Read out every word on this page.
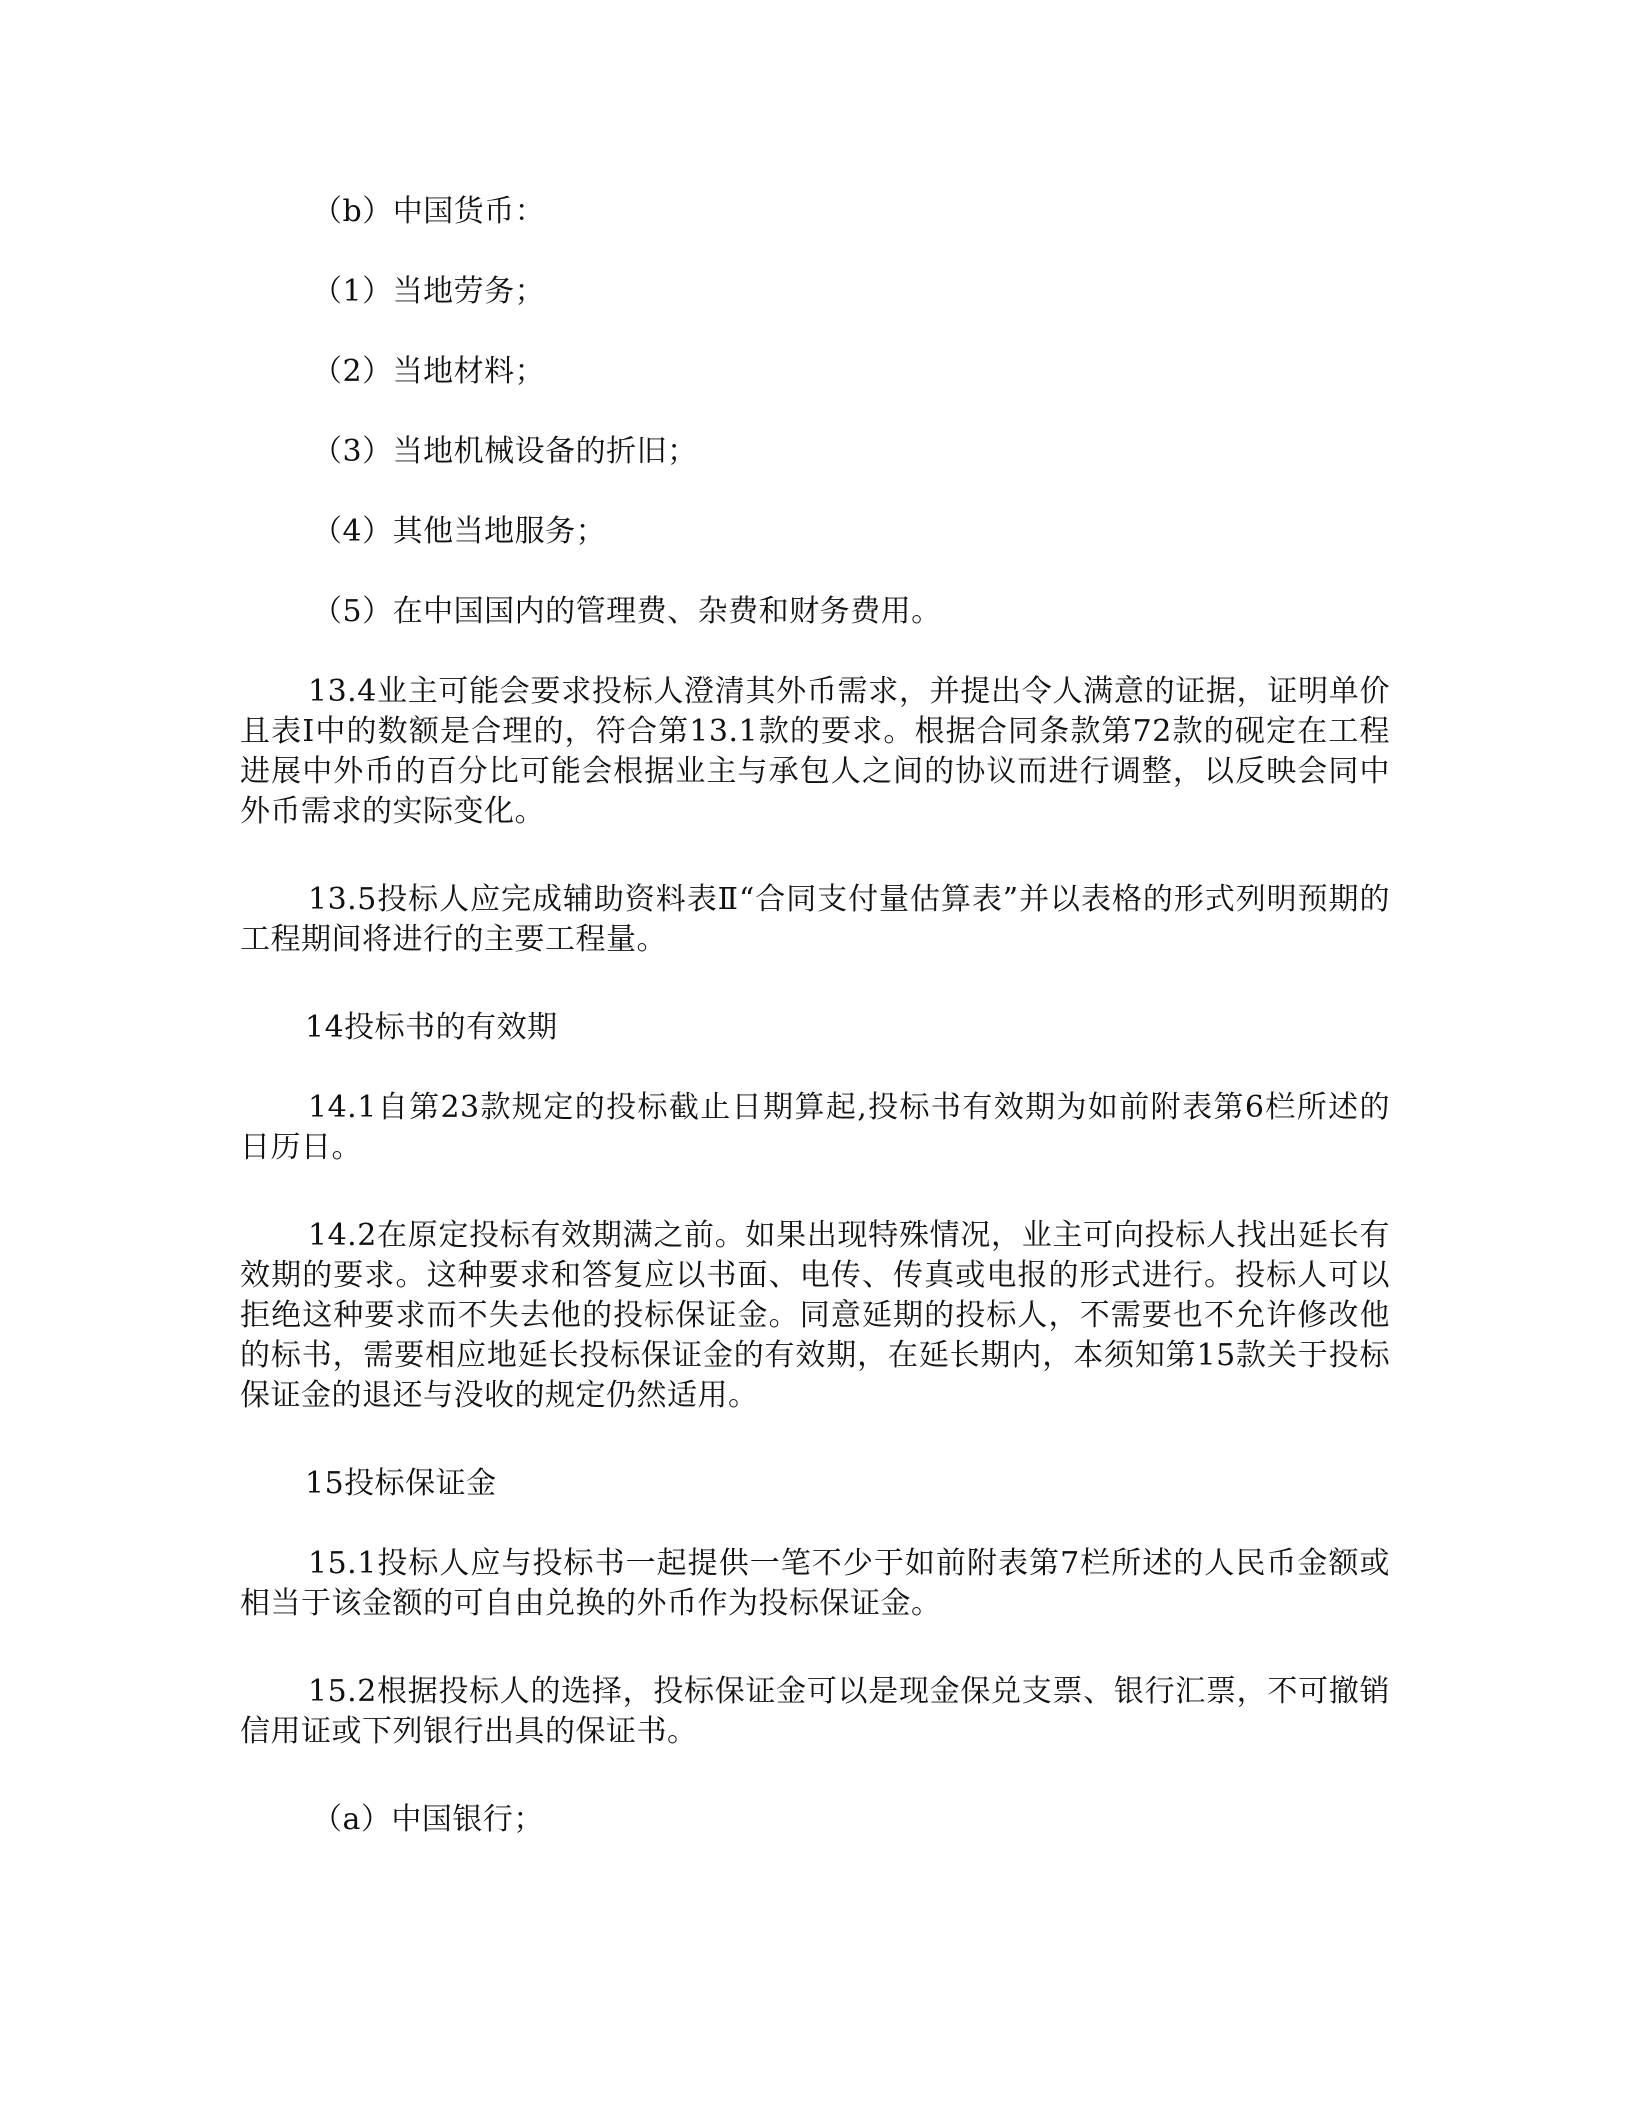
（b）中国货币：

（1）当地劳务；

（2）当地材料；

（3）当地机械设备的折旧；

（4）其他当地服务；

（5）在中国国内的管理费、杂费和财务费用。

13.4业主可能会要求投标人澄清其外币需求，并提出令人满意的证据，证明单价且表I中的数额是合理的，符合第13.1款的要求。根据合同条款第72款的砚定在工程进展中外币的百分比可能会根据业主与承包人之间的协议而进行调整，以反映会同中外币需求的实际变化。

13.5投标人应完成辅助资料表Ⅱ“合同支付量估算表”并以表格的形式列明预期的工程期间将进行的主要工程量。

14投标书的有效期

14.1自第23款规定的投标截止日期算起,投标书有效期为如前附表第6栏所述的日历日。

14.2在原定投标有效期满之前。如果出现特殊情况，业主可向投标人找出延长有效期的要求。这种要求和答复应以书面、电传、传真或电报的形式进行。投标人可以拒绝这种要求而不失去他的投标保证金。同意延期的投标人，不需要也不允许修改他的标书，需要相应地延长投标保证金的有效期，在延长期内，本须知第15款关于投标保证金的退还与没收的规定仍然适用。

15投标保证金

15.1投标人应与投标书一起提供一笔不少于如前附表第7栏所述的人民币金额或相当于该金额的可自由兑换的外币作为投标保证金。

15.2根据投标人的选择，投标保证金可以是现金保兑支票、银行汇票，不可撤销信用证或下列银行出具的保证书。

（a）中国银行；
